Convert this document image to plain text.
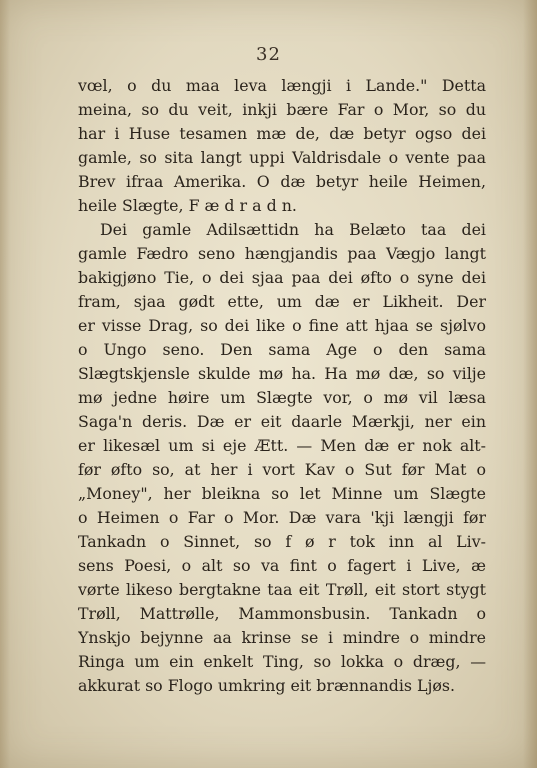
32
vœl, o du maa leva længji i Lande." Detta
meina, so du veit, inkji bære Far o Mor, so du
har i Huse tesamen mæ de, dæ betyr ogso dei
gamle, so sita langt uppi Valdrisdale o vente paa
Brev ifraa Amerika. O dæ betyr heile Heimen,
heile Slægte, F æ d r a d n.
Dei gamle Adilsættidn ha Belæto taa dei
gamle Fædro seno hængjandis paa Vægjo langt
bakigjøno Tie, o dei sjaa paa dei øfto o syne dei
fram, sjaa gødt ette, um dæ er Likheit. Der
er visse Drag, so dei like o fine att hjaa se sjølvo
o Ungo seno. Den sama Age o den sama
Slægtskjensle skulde mø ha. Ha mø dæ, so vilje
mø jedne høire um Slægte vor, o mø vil læsa
Saga'n deris. Dæ er eit daarle Mærkji, ner ein
er likesæl um si eje Ætt. — Men dæ er nok alt-
før øfto so, at her i vort Kav o Sut før Mat o
„Money", her bleikna so let Minne um Slægte
o Heimen o Far o Mor. Dæ vara 'kji længji før
Tankadn o Sinnet, so f ø r tok inn al Liv-
sens Poesi, o alt so va fint o fagert i Live, æ
vørte likeso bergtakne taa eit Trøll, eit stort stygt
Trøll, Mattrølle, Mammonsbusin. Tankadn o
Ynskjo bejynne aa krinse se i mindre o mindre
Ringa um ein enkelt Ting, so lokka o dræg, —
akkurat so Flogo umkring eit brænnandis Ljøs.
